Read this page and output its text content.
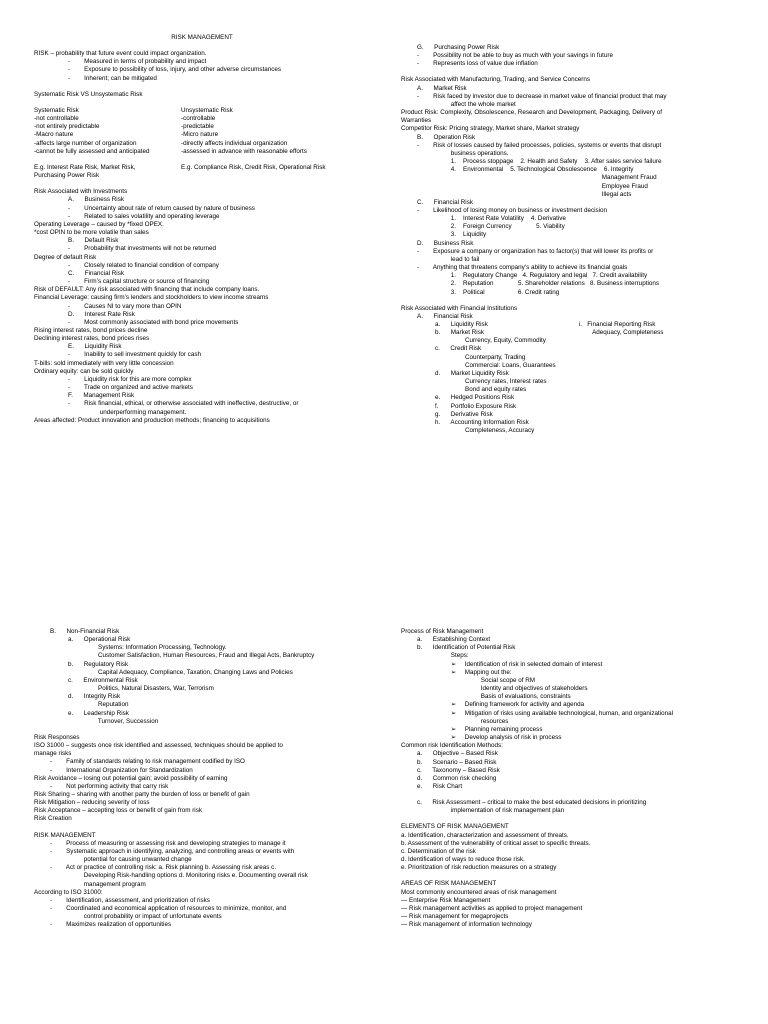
RISK MANAGEMENT
RISK – probability that future event could impact organization.
-        Measured in terms of probability and impact
-        Exposure to possibility of loss, injury, and other adverse circumstances
-        Inherent; can be mitigated
Systematic Risk VS Unsystematic Risk
Systematic Risk
-not controllable
-not entirely predictable
-Macro nature
-affects large number of organization
-cannot be fully assessed and anticipated
E.g. Interest Rate Risk, Market Risk,
Purchasing Power Risk
Unsystematic Risk
-controllable
-predictable
-Micro nature
-directly affects individual organization
-assessed in advance with reasonable efforts
E.g. Compliance Risk, Credit Risk, Operational Risk
Risk Associated with Investments
A.      Business Risk
-        Uncertainty about rate of return caused by nature of business
-        Related to sales volatility and operating leverage
Operating Leverage – caused by *fixed OPEX.
*cost OPIN to be more volatile than sales
B.      Default Risk
-        Probability that investments will not be returned
Degree of default Risk
-        Closely related to financial condition of company
C.      Financial Risk
-        Firm’s capital structure or source of financing
Risk of DEFAULT: Any risk associated with financing that include company loans.
Financial Leverage: causing firm’s lenders and stockholders to view income streams
-        Causes NI to vary more than OPIN
D.      Interest Rate Risk
-        Most commonly associated with bond price movements
Rising interest rates, bond prices decline
Declining interest rates, bond prices rises
E.      Liquidity Risk
-        Inability to sell investment quickly for cash
T-bills: sold immediately with very little concession
Ordinary equity: can be sold quickly
-        Liquidity risk for this are more complex
-        Trade on organized and active markets
F.      Management Risk
-        Risk financial, ethical, or otherwise associated with ineffective, destructive, or
underperforming management.
Areas affected: Product innovation and production methods; financing to acquisitions
G.      Purchasing Power Risk
-        Possibility not be able to buy as much with your savings in future
-        Represents loss of value due inflation
Risk Associated with Manufacturing, Trading, and Service Concerns
A.      Market Risk
-        Risk faced by investor due to decrease in market value of financial product that may
affect the whole market
Product Risk: Complexity, Obsolescence, Research and Development, Packaging, Delivery of
Warranties
Competitor Risk: Pricing strategy, Market share, Market strategy
B.      Operation Risk
-        Risk of losses caused by failed processes, policies, systems or events that disrupt
business operations.
1.    Process stoppage    2. Health and Safety    3. After sales service failure
4.    Environmental    5. Technological Obsolescence    6. Integrity
Management Fraud
Employee Fraud
Illegal acts
C.      Financial Risk
-        Likelihood of losing money on business or investment decision
1.    Interest Rate Volatility    4. Derivative
2.    Foreign Currency              5. Viability
3.    Liquidity
D.      Business Risk
-        Exposure a company or organization has to factor(s) that will lower its profits or
lead to fail
-        Anything that threatens company’s ability to achieve its financial goals
1.    Regulatory Change   4. Regulatory and legal   7. Credit availability
2.    Reputation              5. Shareholder relations   8. Business interruptions
3.    Political                   6. Credit rating
Risk Associated with Financial Institutions
A.      Financial Risk
a.      Liquidity Risk                                                    i.   Financial Reporting Risk
b.      Market Risk                                                              Adequacy, Completeness
Currency, Equity, Commodity
c.      Credit Risk
Counterparty, Trading
Commercial: Loans, Guarantees
d.      Market Liquidity Risk
Currency rates, Interest rates
Bond and equity rates
e.      Hedged Positions Risk
f.       Portfolio Exposure Risk
g.      Derivative Risk
h.      Accounting Information Risk
Completeness, Accuracy
B.      Non-Financial Risk
a.      Operational Risk
Systems: Information Processing, Technology.
Customer Satisfaction, Human Resources, Fraud and Illegal Acts, Bankruptcy
b.      Regulatory Risk
Capital Adequacy, Compliance, Taxation, Changing Laws and Policies
c.      Environmental Risk
Politics, Natural Disasters, War, Terrorism
d.      Integrity Risk
Reputation
e.      Leadership Risk
Turnover, Succession
Risk Responses
ISO 31000 – suggests once risk identified and assessed, techniques should be applied to
manage risks
-        Family of standards relating to risk management codified by ISO
-        International Organization for Standardization
Risk Avoidance – losing out potential gain; avoid possibility of earning
-        Not performing activity that carry risk
Risk Sharing – sharing with another party the burden of loss or benefit of gain
Risk Mitigation – reducing severity of loss
Risk Acceptance – accepting loss or benefit of gain from risk
Risk Creation
RISK MANAGEMENT
-        Process of measuring or assessing risk and developing strategies to manage it
-        Systematic approach in identifying, analyzing, and controlling areas or events with
potential for causing unwanted change
-        Act or practice of controlling risk: a. Risk planning b. Assessing risk areas c.
Developing Risk-handling options d. Monitoring risks e. Documenting overall risk
management program
According to ISO 31000:
-        Identification, assessment, and prioritization of risks
-        Coordinated and economical application of resources to minimize, monitor, and
control probability or impact of unfortunate events
-        Maximizes realization of opportunities
Process of Risk Management
a.      Establishing Context
b.      Identification of Potential Risk
Steps:
➢     Identification of risk in selected domain of interest
➢     Mapping out the:
Social scope of RM
Identity and objectives of stakeholders
Basis of evaluations, constraints
➢     Defining framework for activity and agenda
➢     Mitigation of risks using available technological, human, and organizational
resources
➢     Planning remaining process
➢     Develop analysis of risk in process
Common risk Identification Methods:
a.      Objective – Based Risk
b.      Scenario – Based Risk
c.      Taxonomy – Based Risk
d.      Common risk checking
e.      Risk Chart
c.      Risk Assessment – critical to make the best educated decisions in prioritizing
implementation of risk management plan
ELEMENTS OF RISK MANAGEMENT
a. Identification, characterization and assessment of threats.
b. Assessment of the vulnerability of critical asset to specific threats.
c. Determination of the risk
d. Identification of ways to reduce those risk.
e. Prioritization of risk reduction measures on a strategy
AREAS OF RISK MANAGEMENT
Most commonly encountered areas of risk management
— Enterprise Risk Management
— Risk management activities as applied to project management
— Risk management for megaprojects
— Risk management of information technology
